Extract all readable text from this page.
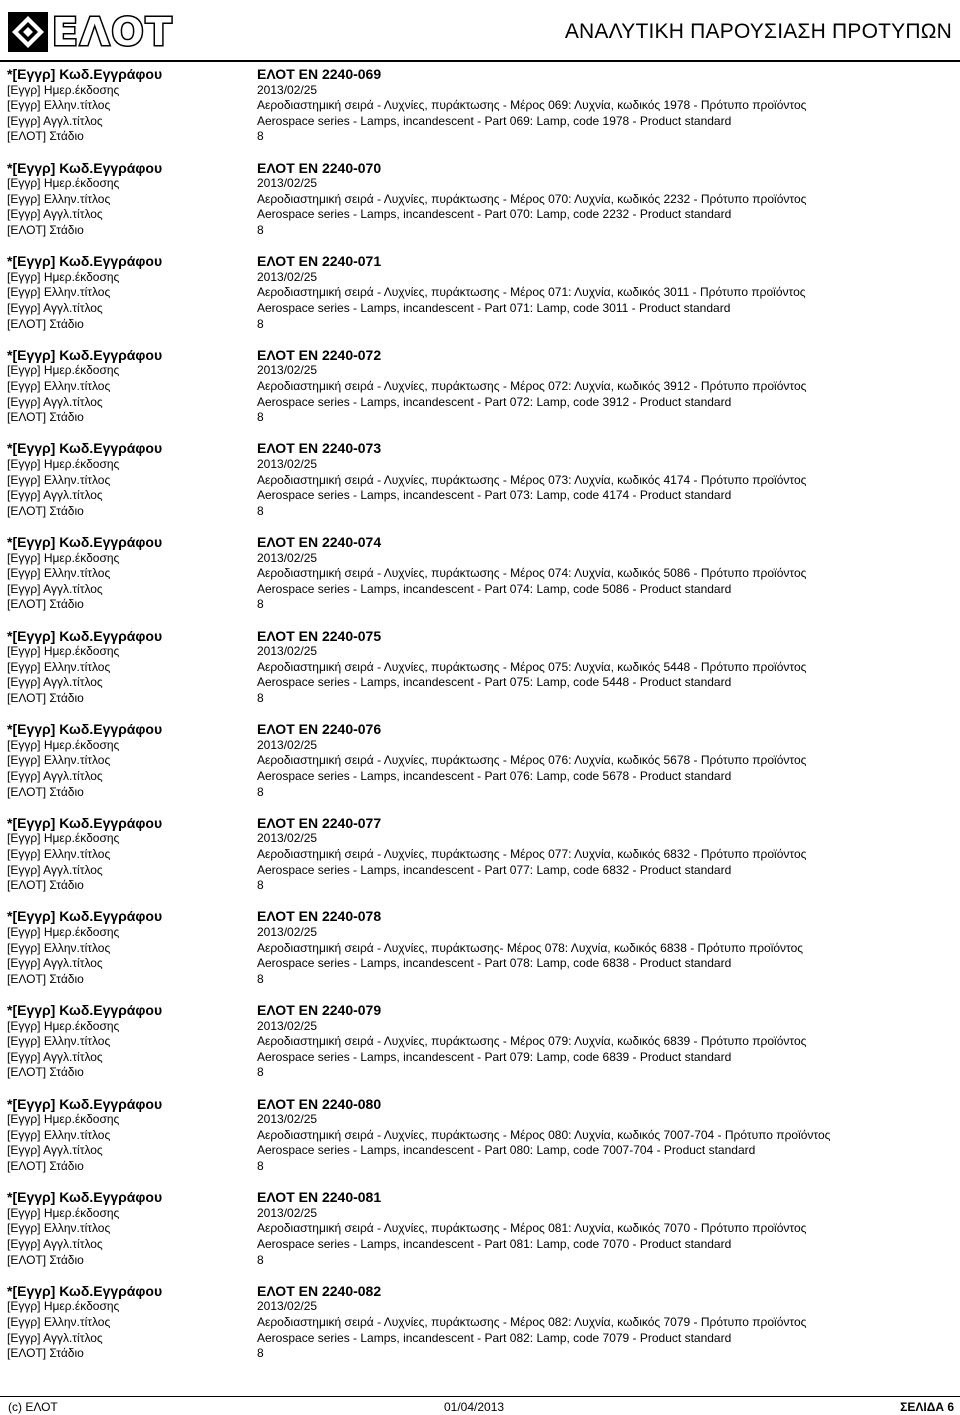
ΕΛΟΤ	ΑΝΑΛΥΤΙΚΗ ΠΑΡΟΥΣΙΑΣΗ ΠΡΟΤΥΠΩΝ
*[Εγγρ] Κωδ.Εγγράφου	ΕΛΟΤ EN 2240-069
[Εγγρ] Ημερ.έκδοσης	2013/02/25
[Εγγρ] Ελλην.τίτλος	Αεροδιαστημική σειρά - Λυχνίες, πυράκτωσης - Μέρος 069: Λυχνία, κωδικός 1978 - Πρότυπο προϊόντος
[Εγγρ] Αγγλ.τίτλος	Aerospace series - Lamps, incandescent - Part 069: Lamp, code 1978 - Product standard
[ΕΛΟΤ] Στάδιο	8
*[Εγγρ] Κωδ.Εγγράφου	ΕΛΟΤ EN 2240-070
[Εγγρ] Ημερ.έκδοσης	2013/02/25
[Εγγρ] Ελλην.τίτλος	Αεροδιαστημική σειρά - Λυχνίες, πυράκτωσης - Μέρος 070: Λυχνία, κωδικός 2232 - Πρότυπο προϊόντος
[Εγγρ] Αγγλ.τίτλος	Aerospace series - Lamps, incandescent - Part 070: Lamp, code 2232 - Product standard
[ΕΛΟΤ] Στάδιο	8
*[Εγγρ] Κωδ.Εγγράφου	ΕΛΟΤ EN 2240-071
[Εγγρ] Ημερ.έκδοσης	2013/02/25
[Εγγρ] Ελλην.τίτλος	Αεροδιαστημική σειρά - Λυχνίες, πυράκτωσης - Μέρος 071: Λυχνία, κωδικός 3011 - Πρότυπο προϊόντος
[Εγγρ] Αγγλ.τίτλος	Aerospace series - Lamps, incandescent - Part 071: Lamp, code 3011 - Product standard
[ΕΛΟΤ] Στάδιο	8
*[Εγγρ] Κωδ.Εγγράφου	ΕΛΟΤ EN 2240-072
[Εγγρ] Ημερ.έκδοσης	2013/02/25
[Εγγρ] Ελλην.τίτλος	Αεροδιαστημική σειρά - Λυχνίες, πυράκτωσης - Μέρος 072: Λυχνία, κωδικός 3912 - Πρότυπο προϊόντος
[Εγγρ] Αγγλ.τίτλος	Aerospace series - Lamps, incandescent - Part 072: Lamp, code 3912 - Product standard
[ΕΛΟΤ] Στάδιο	8
*[Εγγρ] Κωδ.Εγγράφου	ΕΛΟΤ EN 2240-073
[Εγγρ] Ημερ.έκδοσης	2013/02/25
[Εγγρ] Ελλην.τίτλος	Αεροδιαστημική σειρά - Λυχνίες, πυράκτωσης - Μέρος 073: Λυχνία, κωδικός 4174 - Πρότυπο προϊόντος
[Εγγρ] Αγγλ.τίτλος	Aerospace series - Lamps, incandescent - Part 073: Lamp, code 4174 - Product standard
[ΕΛΟΤ] Στάδιο	8
*[Εγγρ] Κωδ.Εγγράφου	ΕΛΟΤ EN 2240-074
[Εγγρ] Ημερ.έκδοσης	2013/02/25
[Εγγρ] Ελλην.τίτλος	Αεροδιαστημική σειρά - Λυχνίες, πυράκτωσης - Μέρος 074: Λυχνία, κωδικός 5086 - Πρότυπο προϊόντος
[Εγγρ] Αγγλ.τίτλος	Aerospace series - Lamps, incandescent - Part 074: Lamp, code 5086 - Product standard
[ΕΛΟΤ] Στάδιο	8
*[Εγγρ] Κωδ.Εγγράφου	ΕΛΟΤ EN 2240-075
[Εγγρ] Ημερ.έκδοσης	2013/02/25
[Εγγρ] Ελλην.τίτλος	Αεροδιαστημική σειρά - Λυχνίες, πυράκτωσης - Μέρος 075: Λυχνία, κωδικός 5448 - Πρότυπο προϊόντος
[Εγγρ] Αγγλ.τίτλος	Aerospace series - Lamps, incandescent - Part 075: Lamp, code 5448 - Product standard
[ΕΛΟΤ] Στάδιο	8
*[Εγγρ] Κωδ.Εγγράφου	ΕΛΟΤ EN 2240-076
[Εγγρ] Ημερ.έκδοσης	2013/02/25
[Εγγρ] Ελλην.τίτλος	Αεροδιαστημική σειρά - Λυχνίες, πυράκτωσης - Μέρος 076: Λυχνία, κωδικός 5678 - Πρότυπο προϊόντος
[Εγγρ] Αγγλ.τίτλος	Aerospace series - Lamps, incandescent - Part 076: Lamp, code 5678 - Product standard
[ΕΛΟΤ] Στάδιο	8
*[Εγγρ] Κωδ.Εγγράφου	ΕΛΟΤ EN 2240-077
[Εγγρ] Ημερ.έκδοσης	2013/02/25
[Εγγρ] Ελλην.τίτλος	Αεροδιαστημική σειρά - Λυχνίες, πυράκτωσης - Μέρος 077: Λυχνία, κωδικός 6832 - Πρότυπο προϊόντος
[Εγγρ] Αγγλ.τίτλος	Aerospace series - Lamps, incandescent - Part 077: Lamp, code 6832 - Product standard
[ΕΛΟΤ] Στάδιο	8
*[Εγγρ] Κωδ.Εγγράφου	ΕΛΟΤ EN 2240-078
[Εγγρ] Ημερ.έκδοσης	2013/02/25
[Εγγρ] Ελλην.τίτλος	Αεροδιαστημική σειρά - Λυχνίες, πυράκτωσης- Μέρος 078: Λυχνία, κωδικός 6838 - Πρότυπο προϊόντος
[Εγγρ] Αγγλ.τίτλος	Aerospace series - Lamps, incandescent - Part 078: Lamp, code 6838 - Product standard
[ΕΛΟΤ] Στάδιο	8
*[Εγγρ] Κωδ.Εγγράφου	ΕΛΟΤ EN 2240-079
[Εγγρ] Ημερ.έκδοσης	2013/02/25
[Εγγρ] Ελλην.τίτλος	Αεροδιαστημική σειρά - Λυχνίες, πυράκτωσης - Μέρος 079: Λυχνία, κωδικός 6839 - Πρότυπο προϊόντος
[Εγγρ] Αγγλ.τίτλος	Aerospace series - Lamps, incandescent - Part 079: Lamp, code 6839 - Product standard
[ΕΛΟΤ] Στάδιο	8
*[Εγγρ] Κωδ.Εγγράφου	ΕΛΟΤ EN 2240-080
[Εγγρ] Ημερ.έκδοσης	2013/02/25
[Εγγρ] Ελλην.τίτλος	Αεροδιαστημική σειρά - Λυχνίες, πυράκτωσης - Μέρος 080: Λυχνία, κωδικός 7007-704 - Πρότυπο προϊόντος
[Εγγρ] Αγγλ.τίτλος	Aerospace series - Lamps, incandescent - Part 080: Lamp, code 7007-704 - Product standard
[ΕΛΟΤ] Στάδιο	8
*[Εγγρ] Κωδ.Εγγράφου	ΕΛΟΤ EN 2240-081
[Εγγρ] Ημερ.έκδοσης	2013/02/25
[Εγγρ] Ελλην.τίτλος	Αεροδιαστημική σειρά - Λυχνίες, πυράκτωσης - Μέρος 081: Λυχνία, κωδικός 7070 - Πρότυπο προϊόντος
[Εγγρ] Αγγλ.τίτλος	Aerospace series - Lamps, incandescent - Part 081: Lamp, code 7070 - Product standard
[ΕΛΟΤ] Στάδιο	8
*[Εγγρ] Κωδ.Εγγράφου	ΕΛΟΤ EN 2240-082
[Εγγρ] Ημερ.έκδοσης	2013/02/25
[Εγγρ] Ελλην.τίτλος	Αεροδιαστημική σειρά - Λυχνίες, πυράκτωσης - Μέρος 082: Λυχνία, κωδικός 7079 - Πρότυπο προϊόντος
[Εγγρ] Αγγλ.τίτλος	Aerospace series - Lamps, incandescent - Part 082: Lamp, code 7079 - Product standard
[ΕΛΟΤ] Στάδιο	8
(c) ΕΛΟΤ	01/04/2013	ΣΕΛΙΔΑ 6
